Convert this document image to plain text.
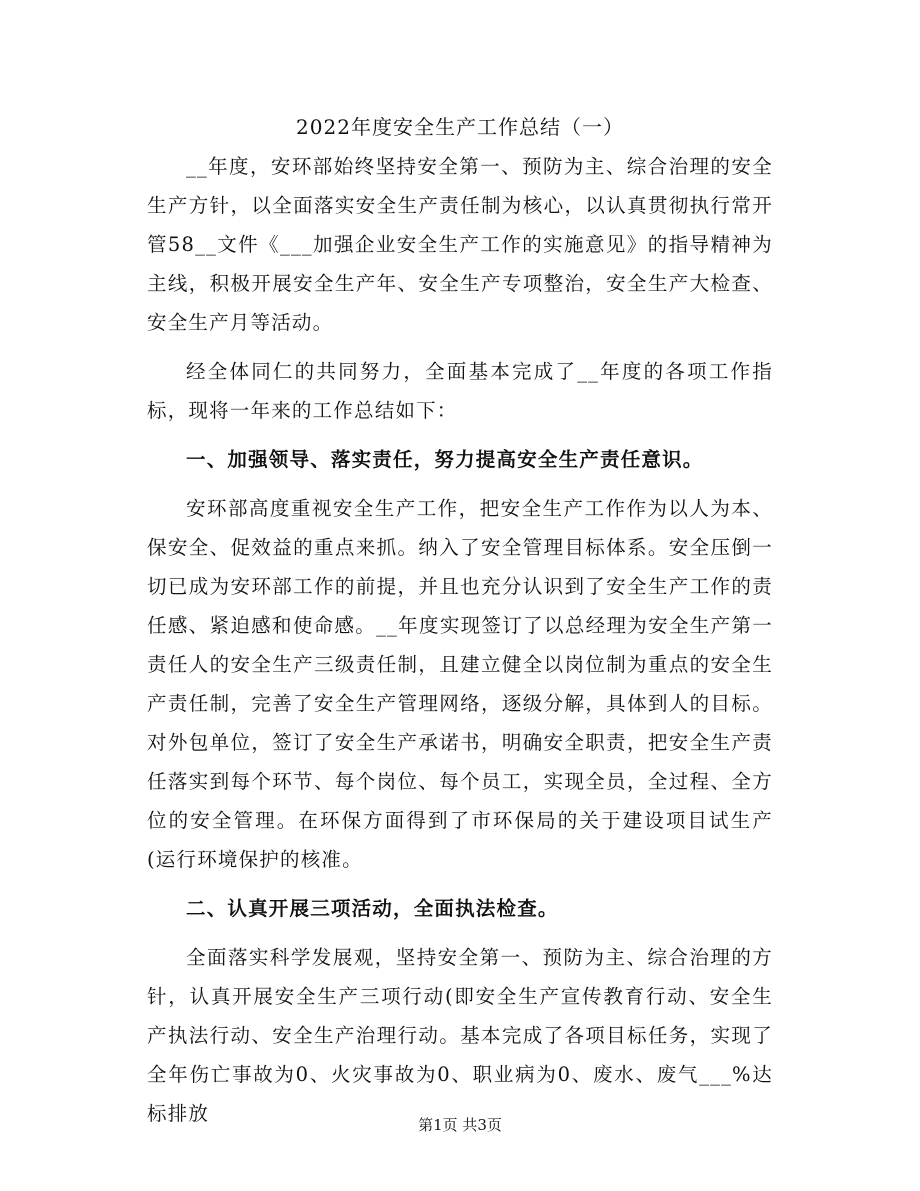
2022年度安全生产工作总结（一）

__年度，安环部始终坚持安全第一、预防为主、综合治理的安全生产方针，以全面落实安全生产责任制为核心，以认真贯彻执行常开管58__文件《___加强企业安全生产工作的实施意见》的指导精神为主线，积极开展安全生产年、安全生产专项整治，安全生产大检查、安全生产月等活动。

经全体同仁的共同努力，全面基本完成了__年度的各项工作指标，现将一年来的工作总结如下：

一、加强领导、落实责任，努力提高安全生产责任意识。

安环部高度重视安全生产工作，把安全生产工作作为以人为本、保安全、促效益的重点来抓。纳入了安全管理目标体系。安全压倒一切已成为安环部工作的前提，并且也充分认识到了安全生产工作的责任感、紧迫感和使命感。__年度实现签订了以总经理为安全生产第一责任人的安全生产三级责任制，且建立健全以岗位制为重点的安全生产责任制，完善了安全生产管理网络，逐级分解，具体到人的目标。对外包单位，签订了安全生产承诺书，明确安全职责，把安全生产责任落实到每个环节、每个岗位、每个员工，实现全员，全过程、全方位的安全管理。在环保方面得到了市环保局的关于建设项目试生产(运行环境保护的核准。

二、认真开展三项活动，全面执法检查。

全面落实科学发展观，坚持安全第一、预防为主、综合治理的方针，认真开展安全生产三项行动(即安全生产宣传教育行动、安全生产执法行动、安全生产治理行动。基本完成了各项目标任务，实现了全年伤亡事故为0、火灾事故为0、职业病为0、废水、废气___%达标排放	第1页 共3页
